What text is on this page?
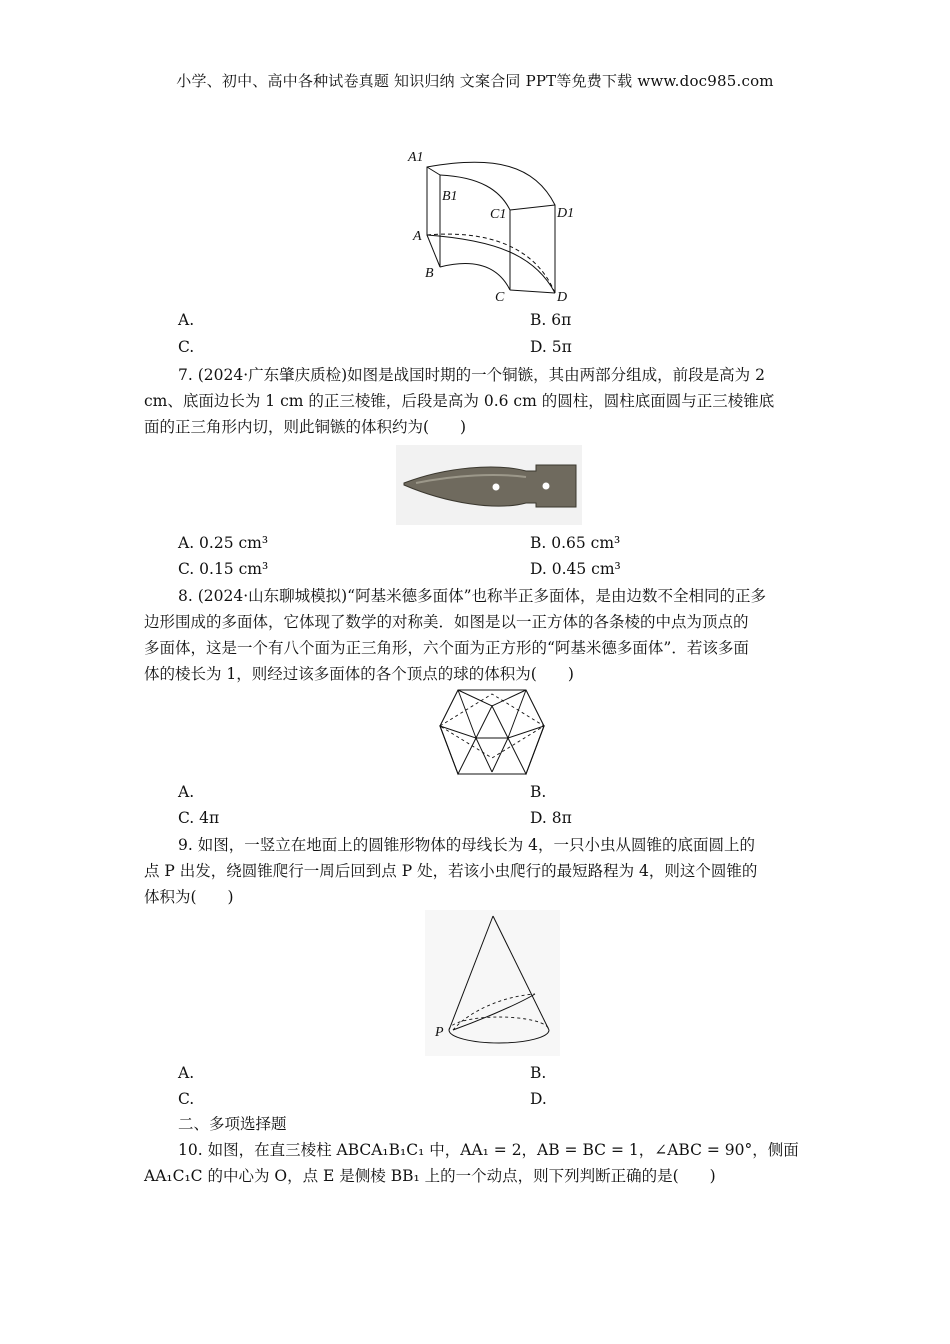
小学、初中、高中各种试卷真题 知识归纳 文案合同 PPT等免费下载 www.doc985.com
A1
B1
C1	D1
A
B
C	D
A.	B. 6π
C.	D. 5π
7. (2024·广东肇庆质检)如图是战国时期的一个铜镞，其由两部分组成，前段是高为 2
cm、底面边长为 1 cm 的正三棱锥，后段是高为 0.6 cm 的圆柱，圆柱底面圆与正三棱锥底
面的正三角形内切，则此铜镞的体积约为(　　)
A. 0.25 cm³	B. 0.65 cm³
C. 0.15 cm³	D. 0.45 cm³
8. (2024·山东聊城模拟)“阿基米德多面体”也称半正多面体，是由边数不全相同的正多
边形围成的多面体，它体现了数学的对称美．如图是以一正方体的各条棱的中点为顶点的
多面体，这是一个有八个面为正三角形，六个面为正方形的“阿基米德多面体”．若该多面
体的棱长为 1，则经过该多面体的各个顶点的球的体积为(　　)
A.	B.
C. 4π	D. 8π
9. 如图，一竖立在地面上的圆锥形物体的母线长为 4，一只小虫从圆锥的底面圆上的
点 P 出发，绕圆锥爬行一周后回到点 P 处，若该小虫爬行的最短路程为 4，则这个圆锥的
体积为(　　)
P
A.	B.
C.	D.
二、多项选择题
10. 如图，在直三棱柱 ABCA₁B₁C₁ 中，AA₁ = 2，AB = BC = 1，∠ABC = 90°，侧面
AA₁C₁C 的中心为 O，点 E 是侧棱 BB₁ 上的一个动点，则下列判断正确的是(　　)
